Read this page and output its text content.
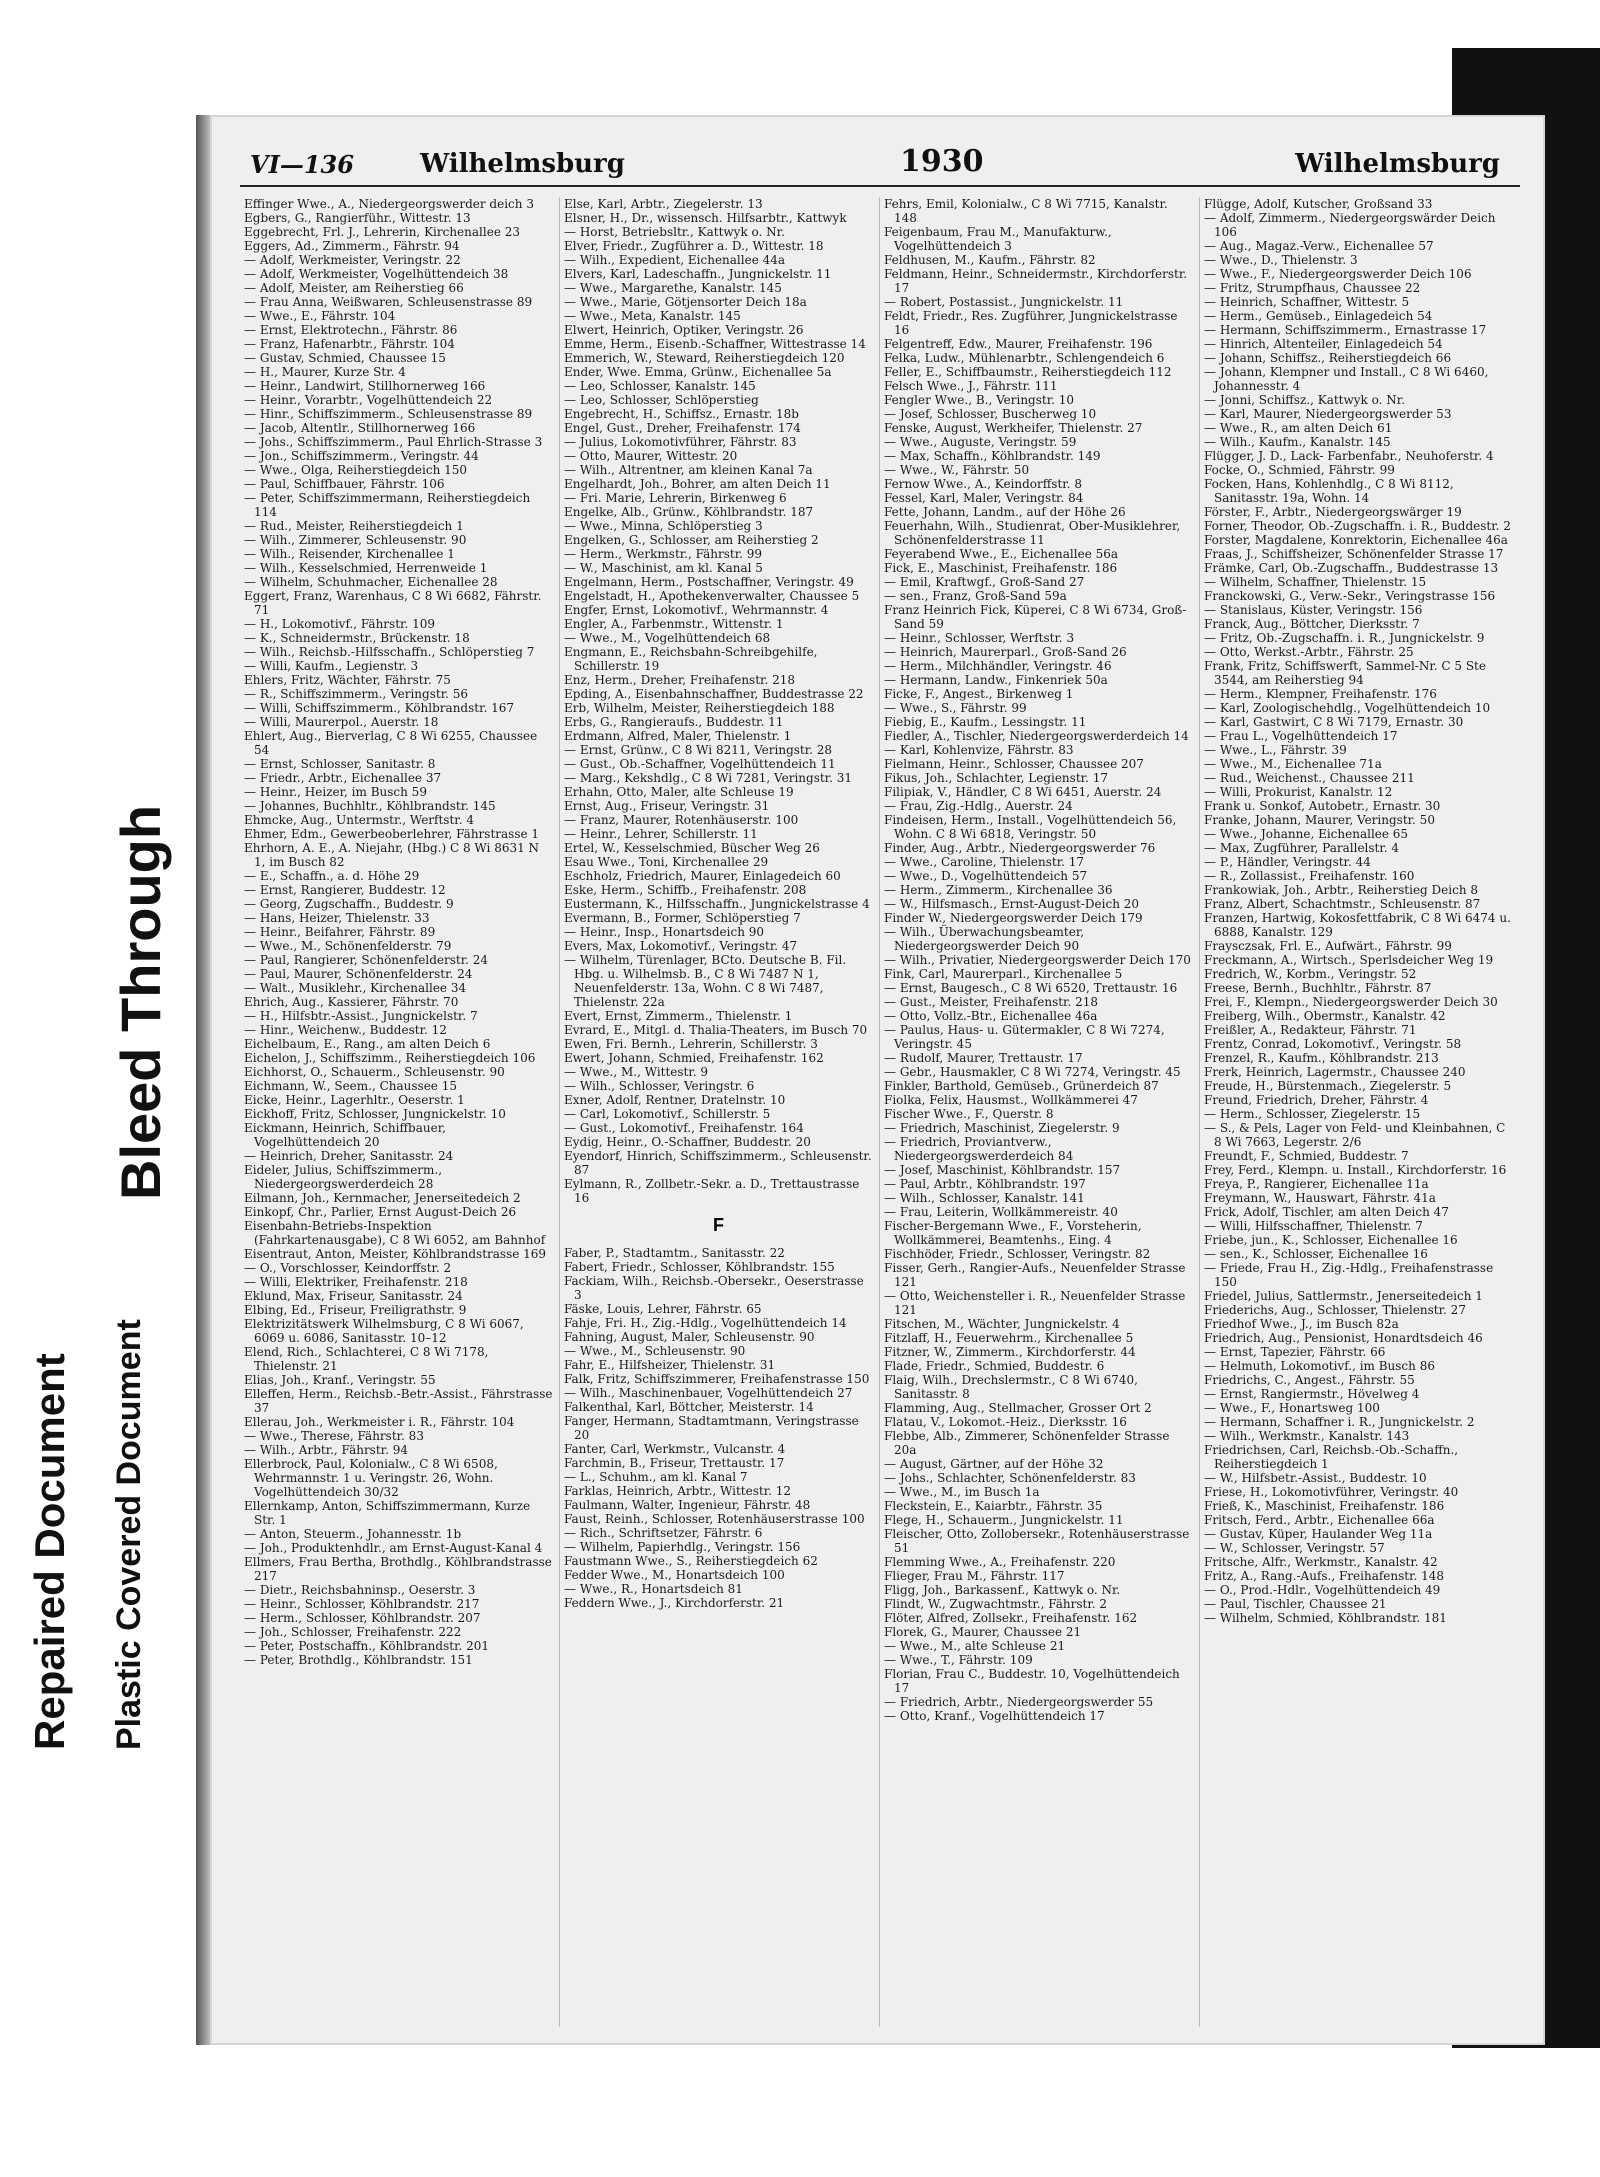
Repaired Document Plastic Covered Document
Bleed Through
VI—136	Wilhelmsburg	1930	Wilhelmsburg
Effinger Wwe., A., Niedergeorgswerder deich 3
Egbers, G., Rangierführ., Wittestr. 13
Eggebrecht, Frl. J., Lehrerin, Kirchenallee 23
Eggers, Ad., Zimmerm., Fährstr. 94
— Adolf, Werkmeister, Veringstr. 22
— Adolf, Werkmeister, Vogelhüttendeich 38
— Adolf, Meister, am Reiherstieg 66
— Frau Anna, Weißwaren, Schleusenstrasse 89
— Wwe., E., Fährstr. 104
— Ernst, Elektrotechn., Fährstr. 86
— Franz, Hafenarbtr., Fährstr. 104
— Gustav, Schmied, Chaussee 15
— H., Maurer, Kurze Str. 4
— Heinr., Landwirt, Stillhornerweg 166
— Heinr., Vorarbtr., Vogelhüttendeich 22
— Hinr., Schiffszimmerm., Schleusenstrasse 89
— Jacob, Altentlr., Stillhornerweg 166
— Johs., Schiffszimmerm., Paul Ehrlich-Strasse 3
— Jon., Schiffszimmerm., Veringstr. 44
— Wwe., Olga, Reiherstiegdeich 150
— Paul, Schiffbauer, Fährstr. 106
— Peter, Schiffszimmermann, Reiherstiegdeich 114
— Rud., Meister, Reiherstiegdeich 1
— Wilh., Zimmerer, Schleusenstr. 90
— Wilh., Reisender, Kirchenallee 1
— Wilh., Kesselschmied, Herrenweide 1
— Wilhelm, Schuhmacher, Eichenallee 28
Eggert, Franz, Warenhaus, C 8 Wi 6682, Fährstr. 71
— H., Lokomotivf., Fährstr. 109
— K., Schneidermstr., Brückenstr. 18
— Wilh., Reichsb.-Hilfsschaffn., Schlöperstieg 7
— Willi, Kaufm., Legienstr. 3
Ehlers, Fritz, Wächter, Fährstr. 75
— R., Schiffszimmerm., Veringstr. 56
— Willi, Schiffszimmerm., Köhlbrandstr. 167
— Willi, Maurerpol., Auerstr. 18
Ehlert, Aug., Bierverlag, C 8 Wi 6255, Chaussee 54
— Ernst, Schlosser, Sanitastr. 8
— Friedr., Arbtr., Eichenallee 37
— Heinr., Heizer, im Busch 59
— Johannes, Buchhltr., Köhlbrandstr. 145
Ehmcke, Aug., Untermstr., Werftstr. 4
Ehmer, Edm., Gewerbeoberlehrer, Fährstrasse 1
Ehrhorn, A. E., A. Niejahr, (Hbg.) C 8 Wi 8631 N 1, im Busch 82
— E., Schaffn., a. d. Höhe 29
— Ernst, Rangierer, Buddestr. 12
— Georg, Zugschaffn., Buddestr. 9
— Hans, Heizer, Thielenstr. 33
— Heinr., Beifahrer, Fährstr. 89
— Wwe., M., Schönenfelderstr. 79
— Paul, Rangierer, Schönenfelderstr. 24
— Paul, Maurer, Schönenfelderstr. 24
— Walt., Musiklehr., Kirchenallee 34
Ehrich, Aug., Kassierer, Fährstr. 70
— H., Hilfsbtr.-Assist., Jungnickelstr. 7
— Hinr., Weichenw., Buddestr. 12
Eichelbaum, E., Rang., am alten Deich 6
Eichelon, J., Schiffszimm., Reiherstiegdeich 106
Eichhorst, O., Schauerm., Schleusenstr. 90
Eichmann, W., Seem., Chaussee 15
Eicke, Heinr., Lagerhltr., Oeserstr. 1
Eickhoff, Fritz, Schlosser, Jungnickelstr. 10
Eickmann, Heinrich, Schiffbauer, Vogelhüttendeich 20
— Heinrich, Dreher, Sanitasstr. 24
Eideler, Julius, Schiffszimmerm., Niedergeorgswerderdeich 28
Eilmann, Joh., Kernmacher, Jenerseitedeich 2
Einkopf, Chr., Parlier, Ernst August-Deich 26
Eisenbahn-Betriebs-Inspektion (Fahrkartenausgabe), C 8 Wi 6052, am Bahnhof
Eisentraut, Anton, Meister, Köhlbrandstrasse 169
— O., Vorschlosser, Keindorffstr. 2
— Willi, Elektriker, Freihafenstr. 218
Eklund, Max, Friseur, Sanitasstr. 24
Elbing, Ed., Friseur, Freiligrathstr. 9
Elektrizitätswerk Wilhelmsburg, C 8 Wi 6067, 6069 u. 6086, Sanitasstr. 10–12
Elend, Rich., Schlachterei, C 8 Wi 7178, Thielenstr. 21
Elias, Joh., Kranf., Veringstr. 55
Elleffen, Herm., Reichsb.-Betr.-Assist., Fährstrasse 37
Ellerau, Joh., Werkmeister i. R., Fährstr. 104
— Wwe., Therese, Fährstr. 83
— Wilh., Arbtr., Fährstr. 94
Ellerbrock, Paul, Kolonialw., C 8 Wi 6508, Wehrmannstr. 1 u. Veringstr. 26, Wohn. Vogelhüttendeich 30/32
Ellernkamp, Anton, Schiffszimmermann, Kurze Str. 1
— Anton, Steuerm., Johannesstr. 1b
— Joh., Produktenhdlr., am Ernst-August-Kanal 4
Ellmers, Frau Bertha, Brothdlg., Köhlbrandstrasse 217
— Dietr., Reichsbahninsp., Oeserstr. 3
— Heinr., Schlosser, Köhlbrandstr. 217
— Herm., Schlosser, Köhlbrandstr. 207
— Joh., Schlosser, Freihafenstr. 222
— Peter, Postschaffn., Köhlbrandstr. 201
— Peter, Brothdlg., Köhlbrandstr. 151
Else, Karl, Arbtr., Ziegelerstr. 13
Elsner, H., Dr., wissensch. Hilfsarbtr., Kattwyk
— Horst, Betriebsltr., Kattwyk o. Nr.
Elver, Friedr., Zugführer a. D., Wittestr. 18
— Wilh., Expedient, Eichenallee 44a
Elvers, Karl, Ladeschaffn., Jungnickelstr. 11
— Wwe., Margarethe, Kanalstr. 145
— Wwe., Marie, Götjensorter Deich 18a
— Wwe., Meta, Kanalstr. 145
Elwert, Heinrich, Optiker, Veringstr. 26
Emme, Herm., Eisenb.-Schaffner, Wittestrasse 14
Emmerich, W., Steward, Reiherstiegdeich 120
Ender, Wwe. Emma, Grünw., Eichenallee 5a
— Leo, Schlosser, Kanalstr. 145
— Leo, Schlosser, Schlöperstieg
Engebrecht, H., Schiffsz., Ernastr. 18b
Engel, Gust., Dreher, Freihafenstr. 174
— Julius, Lokomotivführer, Fährstr. 83
— Otto, Maurer, Wittestr. 20
— Wilh., Altrentner, am kleinen Kanal 7a
Engelhardt, Joh., Bohrer, am alten Deich 11
— Fri. Marie, Lehrerin, Birkenweg 6
Engelke, Alb., Grünw., Köhlbrandstr. 187
— Wwe., Minna, Schlöperstieg 3
Engelken, G., Schlosser, am Reiherstieg 2
— Herm., Werkmstr., Fährstr. 99
— W., Maschinist, am kl. Kanal 5
Engelmann, Herm., Postschaffner, Veringstr. 49
Engelstadt, H., Apothekenverwalter, Chaussee 5
Engfer, Ernst, Lokomotivf., Wehrmannstr. 4
Engler, A., Farbenmstr., Wittenstr. 1
— Wwe., M., Vogelhüttendeich 68
Engmann, E., Reichsbahn-Schreibgehilfe, Schillerstr. 19
Enz, Herm., Dreher, Freihafenstr. 218
Epding, A., Eisenbahnschaffner, Buddestrasse 22
Erb, Wilhelm, Meister, Reiherstiegdeich 188
Erbs, G., Rangieraufs., Buddestr. 11
Erdmann, Alfred, Maler, Thielenstr. 1
— Ernst, Grünw., C 8 Wi 8211, Veringstr. 28
— Gust., Ob.-Schaffner, Vogelhüttendeich 11
— Marg., Kekshdlg., C 8 Wi 7281, Veringstr. 31
Erhahn, Otto, Maler, alte Schleuse 19
Ernst, Aug., Friseur, Veringstr. 31
— Franz, Maurer, Rotenhäuserstr. 100
— Heinr., Lehrer, Schillerstr. 11
Ertel, W., Kesselschmied, Büscher Weg 26
Esau Wwe., Toni, Kirchenallee 29
Eschholz, Friedrich, Maurer, Einlagedeich 60
Eske, Herm., Schiffb., Freihafenstr. 208
Eustermann, K., Hilfsschaffn., Jungnickelstrasse 4
Evermann, B., Former, Schlöperstieg 7
— Heinr., Insp., Honartsdeich 90
Evers, Max, Lokomotivf., Veringstr. 47
— Wilhelm, Türenlager, BCto. Deutsche B. Fil. Hbg. u. Wilhelmsb. B., C 8 Wi 7487 N 1, Neuenfelderstr. 13a, Wohn. C 8 Wi 7487, Thielenstr. 22a
Evert, Ernst, Zimmerm., Thielenstr. 1
Evrard, E., Mitgl. d. Thalia-Theaters, im Busch 70
Ewen, Fri. Bernh., Lehrerin, Schillerstr. 3
Ewert, Johann, Schmied, Freihafenstr. 162
— Wwe., M., Wittestr. 9
— Wilh., Schlosser, Veringstr. 6
Exner, Adolf, Rentner, Dratelnstr. 10
— Carl, Lokomotivf., Schillerstr. 5
— Gust., Lokomotivf., Freihafenstr. 164
Eydig, Heinr., O.-Schaffner, Buddestr. 20
Eyendorf, Hinrich, Schiffszimmerm., Schleusenstr. 87
Eylmann, R., Zollbetr.-Sekr. a. D., Trettaustrasse 16
F
Faber, P., Stadtamtm., Sanitasstr. 22
Fabert, Friedr., Schlosser, Köhlbrandstr. 155
Fackiam, Wilh., Reichsb.-Obersekr., Oeserstrasse 3
Fäske, Louis, Lehrer, Fährstr. 65
Fahje, Fri. H., Zig.-Hdlg., Vogelhüttendeich 14
Fahning, August, Maler, Schleusenstr. 90
— Wwe., M., Schleusenstr. 90
Fahr, E., Hilfsheizer, Thielenstr. 31
Falk, Fritz, Schiffszimmerer, Freihafenstrasse 150
— Wilh., Maschinenbauer, Vogelhüttendeich 27
Falkenthal, Karl, Böttcher, Meisterstr. 14
Fanger, Hermann, Stadtamtmann, Veringstrasse 20
Fanter, Carl, Werkmstr., Vulcanstr. 4
Farchmin, B., Friseur, Trettaustr. 17
— L., Schuhm., am kl. Kanal 7
Farklas, Heinrich, Arbtr., Wittestr. 12
Faulmann, Walter, Ingenieur, Fährstr. 48
Faust, Reinh., Schlosser, Rotenhäuserstrasse 100
— Rich., Schriftsetzer, Fährstr. 6
— Wilhelm, Papierhdlg., Veringstr. 156
Faustmann Wwe., S., Reiherstiegdeich 62
Fedder Wwe., M., Honartsdeich 100
— Wwe., R., Honartsdeich 81
Feddern Wwe., J., Kirchdorferstr. 21
Fehrs, Emil, Kolonialw., C 8 Wi 7715, Kanalstr. 148
Feigenbaum, Frau M., Manufakturw., Vogelhüttendeich 3
Feldhusen, M., Kaufm., Fährstr. 82
Feldmann, Heinr., Schneidermstr., Kirchdorferstr. 17
— Robert, Postassist., Jungnickelstr. 11
Feldt, Friedr., Res. Zugführer, Jungnickelstrasse 16
Felgentreff, Edw., Maurer, Freihafenstr. 196
Felka, Ludw., Mühlenarbtr., Schlengendeich 6
Feller, E., Schiffbaumstr., Reiherstiegdeich 112
Felsch Wwe., J., Fährstr. 111
Fengler Wwe., B., Veringstr. 10
— Josef, Schlosser, Buscherweg 10
Fenske, August, Werkheifer, Thielenstr. 27
— Wwe., Auguste, Veringstr. 59
— Max, Schaffn., Köhlbrandstr. 149
— Wwe., W., Fährstr. 50
Fernow Wwe., A., Keindorffstr. 8
Fessel, Karl, Maler, Veringstr. 84
Fette, Johann, Landm., auf der Höhe 26
Feuerhahn, Wilh., Studienrat, Ober-Musiklehrer, Schönenfelderstrasse 11
Feyerabend Wwe., E., Eichenallee 56a
Fick, E., Maschinist, Freihafenstr. 186
— Emil, Kraftwgf., Groß-Sand 27
— sen., Franz, Groß-Sand 59a
Franz Heinrich Fick, Küperei, C 8 Wi 6734, Groß-Sand 59
— Heinr., Schlosser, Werftstr. 3
— Heinrich, Maurerparl., Groß-Sand 26
— Herm., Milchhändler, Veringstr. 46
— Hermann, Landw., Finkenriek 50a
Ficke, F., Angest., Birkenweg 1
— Wwe., S., Fährstr. 99
Fiebig, E., Kaufm., Lessingstr. 11
Fiedler, A., Tischler, Niedergeorgswerderdeich 14
— Karl, Kohlenvize, Fährstr. 83
Fielmann, Heinr., Schlosser, Chaussee 207
Fikus, Joh., Schlachter, Legienstr. 17
Filipiak, V., Händler, C 8 Wi 6451, Auerstr. 24
— Frau, Zig.-Hdlg., Auerstr. 24
Findeisen, Herm., Install., Vogelhüttendeich 56, Wohn. C 8 Wi 6818, Veringstr. 50
Finder, Aug., Arbtr., Niedergeorgswerder 76
— Wwe., Caroline, Thielenstr. 17
— Wwe., D., Vogelhüttendeich 57
— Herm., Zimmerm., Kirchenallee 36
— W., Hilfsmasch., Ernst-August-Deich 20
Finder W., Niedergeorgswerder Deich 179
— Wilh., Überwachungsbeamter, Niedergeorgswerder Deich 90
— Wilh., Privatier, Niedergeorgswerder Deich 170
Fink, Carl, Maurerparl., Kirchenallee 5
— Ernst, Baugesch., C 8 Wi 6520, Trettaustr. 16
— Gust., Meister, Freihafenstr. 218
— Otto, Vollz.-Btr., Eichenallee 46a
— Paulus, Haus- u. Gütermakler, C 8 Wi 7274, Veringstr. 45
— Rudolf, Maurer, Trettaustr. 17
— Gebr., Hausmakler, C 8 Wi 7274, Veringstr. 45
Finkler, Barthold, Gemüseb., Grünerdeich 87
Fiolka, Felix, Hausmst., Wollkämmerei 47
Fischer Wwe., F., Querstr. 8
— Friedrich, Maschinist, Ziegelerstr. 9
— Friedrich, Proviantverw., Niedergeorgswerderdeich 84
— Josef, Maschinist, Köhlbrandstr. 157
— Paul, Arbtr., Köhlbrandstr. 197
— Wilh., Schlosser, Kanalstr. 141
— Frau, Leiterin, Wollkämmereistr. 40
Fischer-Bergemann Wwe., F., Vorsteherin, Wollkämmerei, Beamtenhs., Eing. 4
Fischhöder, Friedr., Schlosser, Veringstr. 82
Fisser, Gerh., Rangier-Aufs., Neuenfelder Strasse 121
— Otto, Weichensteller i. R., Neuenfelder Strasse 121
Fitschen, M., Wächter, Jungnickelstr. 4
Fitzlaff, H., Feuerwehrm., Kirchenallee 5
Fitzner, W., Zimmerm., Kirchdorferstr. 44
Flade, Friedr., Schmied, Buddestr. 6
Flaig, Wilh., Drechslermstr., C 8 Wi 6740, Sanitasstr. 8
Flamming, Aug., Stellmacher, Grosser Ort 2
Flatau, V., Lokomot.-Heiz., Dierksstr. 16
Flebbe, Alb., Zimmerer, Schönenfelder Strasse 20a
— August, Gärtner, auf der Höhe 32
— Johs., Schlachter, Schönenfelderstr. 83
— Wwe., M., im Busch 1a
Fleckstein, E., Kaiarbtr., Fährstr. 35
Flege, H., Schauerm., Jungnickelstr. 11
Fleischer, Otto, Zollobersekr., Rotenhäuserstrasse 51
Flemming Wwe., A., Freihafenstr. 220
Flieger, Frau M., Fährstr. 117
Fligg, Joh., Barkassenf., Kattwyk o. Nr.
Flindt, W., Zugwachtmstr., Fährstr. 2
Flöter, Alfred, Zollsekr., Freihafenstr. 162
Florek, G., Maurer, Chaussee 21
— Wwe., M., alte Schleuse 21
— Wwe., T., Fährstr. 109
Florian, Frau C., Buddestr. 10, Vogelhüttendeich 17
— Friedrich, Arbtr., Niedergeorgswerder 55
— Otto, Kranf., Vogelhüttendeich 17
Flügge, Adolf, Kutscher, Großsand 33
— Adolf, Zimmerm., Niedergeorgswärder Deich 106
— Aug., Magaz.-Verw., Eichenallee 57
— Wwe., D., Thielenstr. 3
— Wwe., F., Niedergeorgswerder Deich 106
— Fritz, Strumpfhaus, Chaussee 22
— Heinrich, Schaffner, Wittestr. 5
— Herm., Gemüseb., Einlagedeich 54
— Hermann, Schiffszimmerm., Ernastrasse 17
— Hinrich, Altenteiler, Einlagedeich 54
— Johann, Schiffsz., Reiherstiegdeich 66
— Johann, Klempner und Install., C 8 Wi 6460, Johannesstr. 4
— Jonni, Schiffsz., Kattwyk o. Nr.
— Karl, Maurer, Niedergeorgswerder 53
— Wwe., R., am alten Deich 61
— Wilh., Kaufm., Kanalstr. 145
Flügger, J. D., Lack- Farbenfabr., Neuhoferstr. 4
Focke, O., Schmied, Fährstr. 99
Focken, Hans, Kohlenhdlg., C 8 Wi 8112, Sanitasstr. 19a, Wohn. 14
Förster, F., Arbtr., Niedergeorgswärger 19
Forner, Theodor, Ob.-Zugschaffn. i. R., Buddestr. 2
Forster, Magdalene, Konrektorin, Eichenallee 46a
Fraas, J., Schiffsheizer, Schönenfelder Strasse 17
Främke, Carl, Ob.-Zugschaffn., Buddestrasse 13
— Wilhelm, Schaffner, Thielenstr. 15
Franckowski, G., Verw.-Sekr., Veringstrasse 156
— Stanislaus, Küster, Veringstr. 156
Franck, Aug., Böttcher, Dierksstr. 7
— Fritz, Ob.-Zugschaffn. i. R., Jungnickelstr. 9
— Otto, Werkst.-Arbtr., Fährstr. 25
Frank, Fritz, Schiffswerft, Sammel-Nr. C 5 Ste 3544, am Reiherstieg 94
— Herm., Klempner, Freihafenstr. 176
— Karl, Zoologischehdlg., Vogelhüttendeich 10
— Karl, Gastwirt, C 8 Wi 7179, Ernastr. 30
— Frau L., Vogelhüttendeich 17
— Wwe., L., Fährstr. 39
— Wwe., M., Eichenallee 71a
— Rud., Weichenst., Chaussee 211
— Willi, Prokurist, Kanalstr. 12
Frank u. Sonkof, Autobetr., Ernastr. 30
Franke, Johann, Maurer, Veringstr. 50
— Wwe., Johanne, Eichenallee 65
— Max, Zugführer, Parallelstr. 4
— P., Händler, Veringstr. 44
— R., Zollassist., Freihafenstr. 160
Frankowiak, Joh., Arbtr., Reiherstieg Deich 8
Franz, Albert, Schachtmstr., Schleusenstr. 87
Franzen, Hartwig, Kokosfettfabrik, C 8 Wi 6474 u. 6888, Kanalstr. 129
Fraysczsak, Frl. E., Aufwärt., Fährstr. 99
Freckmann, A., Wirtsch., Sperlsdeicher Weg 19
Fredrich, W., Korbm., Veringstr. 52
Freese, Bernh., Buchhltr., Fährstr. 87
Frei, F., Klempn., Niedergeorgswerder Deich 30
Freiberg, Wilh., Obermstr., Kanalstr. 42
Freißler, A., Redakteur, Fährstr. 71
Frentz, Conrad, Lokomotivf., Veringstr. 58
Frenzel, R., Kaufm., Köhlbrandstr. 213
Frerk, Heinrich, Lagermstr., Chaussee 240
Freude, H., Bürstenmach., Ziegelerstr. 5
Freund, Friedrich, Dreher, Fährstr. 4
— Herm., Schlosser, Ziegelerstr. 15
— S., & Pels, Lager von Feld- und Kleinbahnen, C 8 Wi 7663, Legerstr. 2/6
Freundt, F., Schmied, Buddestr. 7
Frey, Ferd., Klempn. u. Install., Kirchdorferstr. 16
Freya, P., Rangierer, Eichenallee 11a
Freymann, W., Hauswart, Fährstr. 41a
Frick, Adolf, Tischler, am alten Deich 47
— Willi, Hilfsschaffner, Thielenstr. 7
Friebe, jun., K., Schlosser, Eichenallee 16
— sen., K., Schlosser, Eichenallee 16
— Friede, Frau H., Zig.-Hdlg., Freihafenstrasse 150
Friedel, Julius, Sattlermstr., Jenerseitedeich 1
Friederichs, Aug., Schlosser, Thielenstr. 27
Friedhof Wwe., J., im Busch 82a
Friedrich, Aug., Pensionist, Honardtsdeich 46
— Ernst, Tapezier, Fährstr. 66
— Helmuth, Lokomotivf., im Busch 86
Friedrichs, C., Angest., Fährstr. 55
— Ernst, Rangiermstr., Hövelweg 4
— Wwe., F., Honartsweg 100
— Hermann, Schaffner i. R., Jungnickelstr. 2
— Wilh., Werkmstr., Kanalstr. 143
Friedrichsen, Carl, Reichsb.-Ob.-Schaffn., Reiherstiegdeich 1
— W., Hilfsbetr.-Assist., Buddestr. 10
Friese, H., Lokomotivführer, Veringstr. 40
Frieß, K., Maschinist, Freihafenstr. 186
Fritsch, Ferd., Arbtr., Eichenallee 66a
— Gustav, Küper, Haulander Weg 11a
— W., Schlosser, Veringstr. 57
Fritsche, Alfr., Werkmstr., Kanalstr. 42
Fritz, A., Rang.-Aufs., Freihafenstr. 148
— O., Prod.-Hdlr., Vogelhüttendeich 49
— Paul, Tischler, Chaussee 21
— Wilhelm, Schmied, Köhlbrandstr. 181
